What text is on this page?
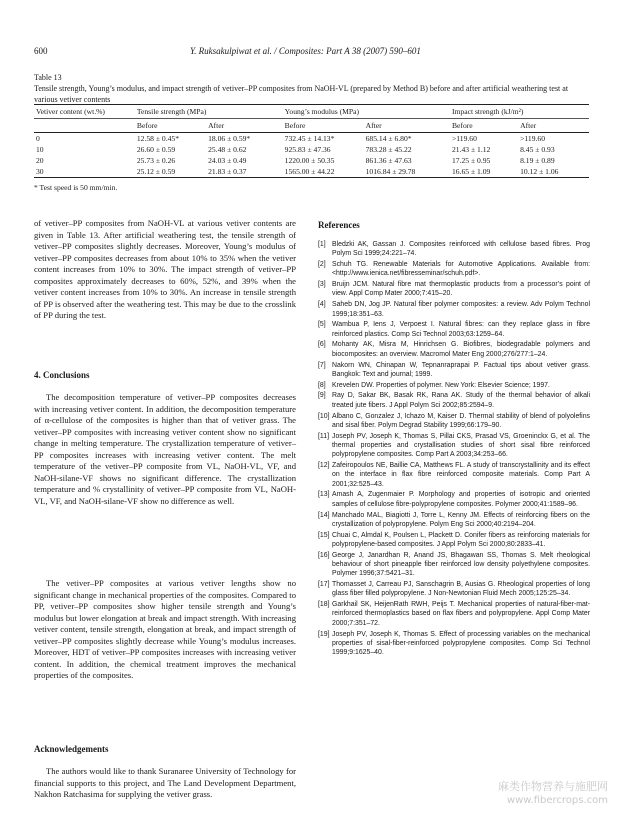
600	Y. Ruksakulpiwat et al. / Composites: Part A 38 (2007) 590–601
Table 13
Tensile strength, Young’s modulus, and impact strength of vetiver–PP composites from NaOH-VL (prepared by Method B) before and after artificial weathering test at various vetiver contents
Vetiver content (wt.%)	Tensile strength (MPa)		Young’s modulus (MPa)		Impact strength (kJ/m²)	
	Before	After	Before	After	Before	After
0	12.58 ± 0.45*	18.06 ± 0.59*	732.45 ± 14.13*	685.14 ± 6.80*	>119.60	>119.60
10	26.60 ± 0.59	25.48 ± 0.62	925.83 ± 47.36	783.28 ± 45.22	21.43 ± 1.12	8.45 ± 0.93
20	25.73 ± 0.26	24.03 ± 0.49	1220.00 ± 50.35	861.36 ± 47.63	17.25 ± 0.95	8.19 ± 0.89
30	25.12 ± 0.59	21.83 ± 0.37	1565.00 ± 44.22	1016.84 ± 29.78	16.65 ± 1.09	10.12 ± 1.06
* Test speed is 50 mm/min.

of vetiver–PP composites from NaOH-VL at various vetiver contents are given in Table 13. After artificial weathering test, the tensile strength of vetiver–PP composites slightly decreases. Moreover, Young’s modulus of vetiver–PP composites decreases from about 10% to 35% when the vetiver content increases from 10% to 30%. The impact strength of vetiver–PP composites approximately decreases to 60%, 52%, and 39% when the vetiver content increases from 10% to 30%. An increase in tensile strength of PP is observed after the weathering test. This may be due to the crosslink of PP during the test.

4. Conclusions

The decomposition temperature of vetiver–PP composites decreases with increasing vetiver content. In addition, the decomposition temperature of α-cellulose of the composites is higher than that of vetiver grass. The vetiver–PP composites with increasing vetiver content show no significant change in melting temperature. The crystallization temperature of vetiver–PP composites increases with increasing vetiver content. The melt temperature of the vetiver–PP composite from VL, NaOH-VL, VF, and NaOH-silane-VF shows no significant difference. The crystallization temperature and % crystallinity of vetiver–PP composite from VL, NaOH-VL, VF, and NaOH-silane-VF show no difference as well.

The vetiver–PP composites at various vetiver lengths show no significant change in mechanical properties of the composites. Compared to PP, vetiver–PP composites show higher tensile strength and Young’s modulus but lower elongation at break and impact strength. With increasing vetiver content, tensile strength, elongation at break, and impact strength of vetiver–PP composites slightly decrease while Young’s modulus increases. Moreover, HDT of vetiver–PP composites increases with increasing vetiver content. In addition, the chemical treatment improves the mechanical properties of the composites.

Acknowledgements

The authors would like to thank Suranaree University of Technology for financial supports to this project, and The Land Development Department, Nakhon Ratchasima for supplying the vetiver grass.

References
[1] Bledzki AK, Gassan J. Composites reinforced with cellulose based fibres. Prog Polym Sci 1999;24:221–74.
[2] Schuh TG. Renewable Materials for Automotive Applications. Available from: <http://www.ienica.net/fibresseminar/schuh.pdf>.
[3] Bruijn JCM. Natural fibre mat thermoplastic products from a processor’s point of view. Appl Comp Mater 2000;7:415–20.
[4] Saheb DN, Jog JP. Natural fiber polymer composites: a review. Adv Polym Technol 1999;18:351–63.
[5] Wambua P, Iens J, Verpoest I. Natural fibres: can they replace glass in fibre reinforced plastics. Comp Sci Technol 2003;63:1259–64.
[6] Mohanty AK, Misra M, Hinrichsen G. Biofibres, biodegradable polymers and biocomposites: an overview. Macromol Mater Eng 2000;276/277:1–24.
[7] Nakorn WN, Chinapan W, Tepnanraprapai P. Factual tips about vetiver grass. Bangkok: Text and journal; 1999.
[8] Krevelen DW. Properties of polymer. New York: Elsevier Science; 1997.
[9] Ray D, Sakar BK, Basak RK, Rana AK. Study of the thermal behavior of alkali treated jute fibers. J Appl Polym Sci 2002;85:2594–9.
[10] Albano C, Gonzalez J, Ichazo M, Kaiser D. Thermal stability of blend of polyolefins and sisal fiber. Polym Degrad Stability 1999;66:179–90.
[11] Joseph PV, Joseph K, Thomas S, Pillai CKS, Prasad VS, Groeninckx G, et al. The thermal properties and crystallisation studies of short sisal fibre reinforced polypropylene composites. Comp Part A 2003;34:253–66.
[12] Zafeiropoulos NE, Baillie CA, Matthews FL. A study of transcrystallinity and its effect on the interface in flax fibre reinforced composite materials. Comp Part A 2001;32:525–43.
[13] Amash A, Zugenmaier P. Morphology and properties of isotropic and oriented samples of cellulose fibre-polypropylene composites. Polymer 2000;41:1589–96.
[14] Manchado MAL, Biagiotti J, Torre L, Kenny JM. Effects of reinforcing fibers on the crystallization of polypropylene. Polym Eng Sci 2000;40:2194–204.
[15] Chuai C, Almdal K, Poulsen L, Plackett D. Conifer fibers as reinforcing materials for polypropylene-based composites. J Appl Polym Sci 2000;80:2833–41.
[16] George J, Janardhan R, Anand JS, Bhagawan SS, Thomas S. Melt rheological behaviour of short pineapple fiber reinforced low density polyethylene composites. Polymer 1996;37:5421–31.
[17] Thomasset J, Carreau PJ, Sanschagrin B, Ausias G. Rheological properties of long glass fiber filled polypropylene. J Non-Newtonian Fluid Mech 2005;125:25–34.
[18] Garkhail SK, HeijenRath RWH, Peijs T. Mechanical properties of natural-fiber-mat-reinforced thermoplastics based on flax fibers and polypropylene. Appl Comp Mater 2000;7:351–72.
[19] Joseph PV, Joseph K, Thomas S. Effect of processing variables on the mechanical properties of sisal-fiber-reinforced polypropylene composites. Comp Sci Technol 1999;9:1625–40.
麻类作物营养与施肥网
www.fibercrops.com
